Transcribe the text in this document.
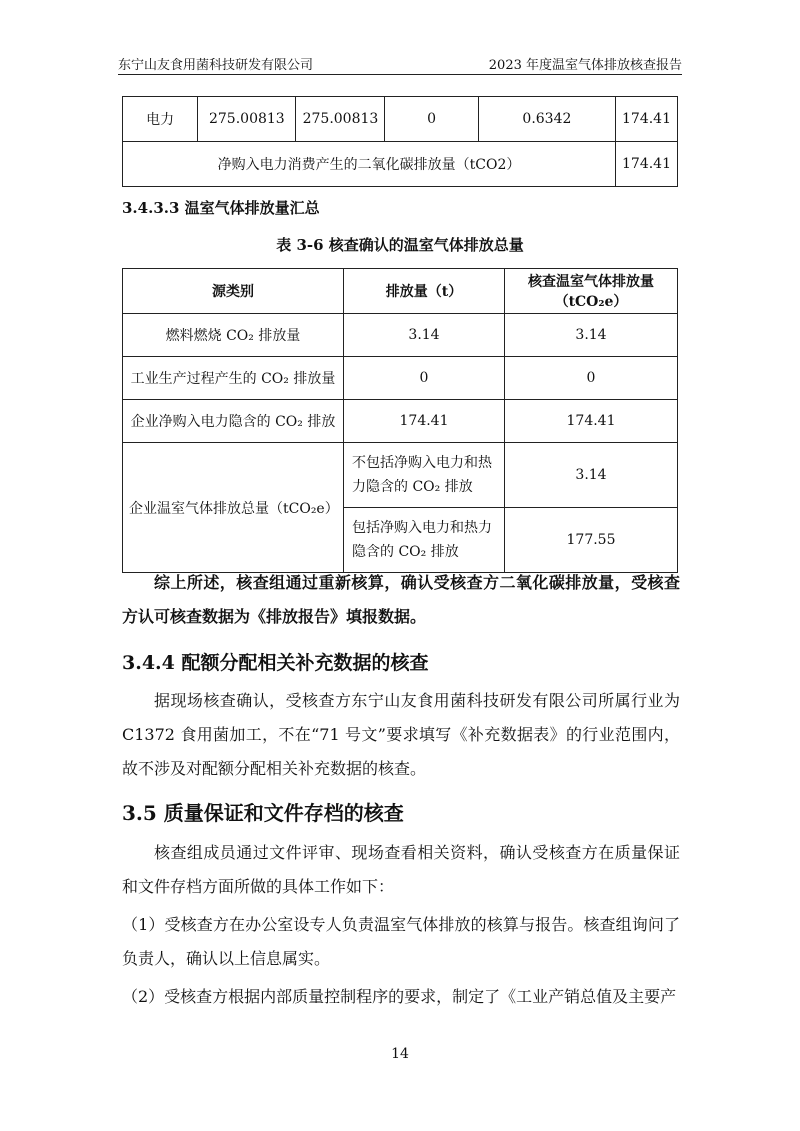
东宁山友食用菌科技研发有限公司	2023 年度温室气体排放核查报告
电力	275.00813	275.00813	0	0.6342	174.41
净购入电力消费产生的二氧化碳排放量（tCO2）					174.41
3.4.3.3 温室气体排放量汇总
表 3-6 核查确认的温室气体排放总量
源类别	排放量（t）	核查温室气体排放量（tCO₂e）
燃料燃烧 CO₂ 排放量	3.14	3.14
工业生产过程产生的 CO₂ 排放量	0	0
企业净购入电力隐含的 CO₂ 排放	174.41	174.41
企业温室气体排放总量（tCO₂e）	不包括净购入电力和热力隐含的 CO₂ 排放	3.14
	包括净购入电力和热力隐含的 CO₂ 排放	177.55
综上所述，核查组通过重新核算，确认受核查方二氧化碳排放量，受核查方认可核查数据为《排放报告》填报数据。
3.4.4 配额分配相关补充数据的核查
据现场核查确认，受核查方东宁山友食用菌科技研发有限公司所属行业为 C1372 食用菌加工，不在“71 号文”要求填写《补充数据表》的行业范围内，故不涉及对配额分配相关补充数据的核查。
3.5 质量保证和文件存档的核查
核查组成员通过文件评审、现场查看相关资料，确认受核查方在质量保证和文件存档方面所做的具体工作如下：
（1）受核查方在办公室设专人负责温室气体排放的核算与报告。核查组询问了负责人，确认以上信息属实。
（2）受核查方根据内部质量控制程序的要求，制定了《工业产销总值及主要产
14
